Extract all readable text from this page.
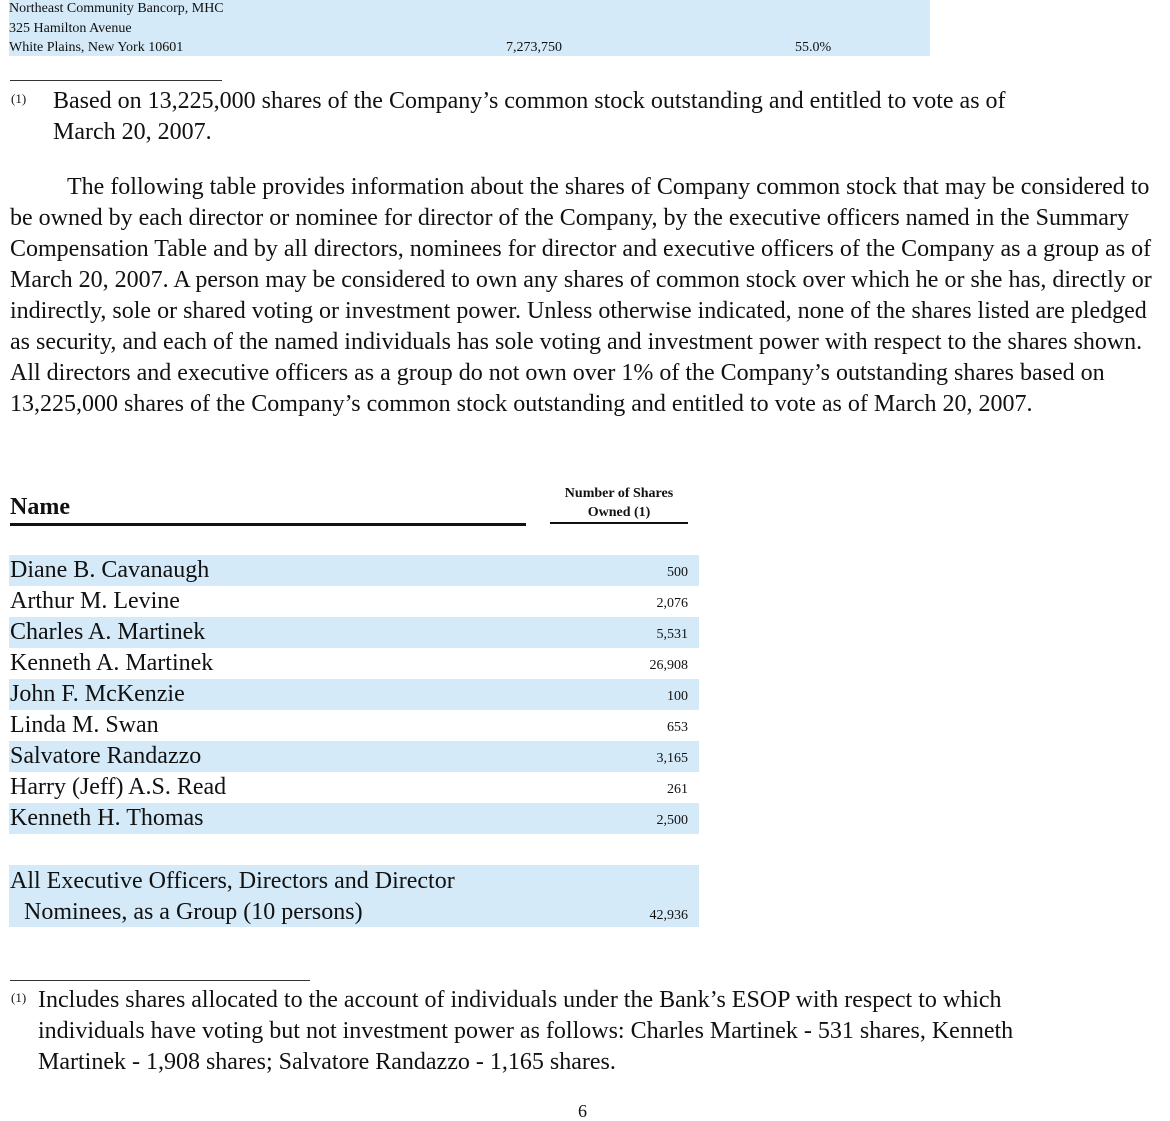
Northeast Community Bancorp, MHC
325 Hamilton Avenue
White Plains, New York 10601	7,273,750	55.0%
(1) Based on 13,225,000 shares of the Company’s common stock outstanding and entitled to vote as of
March 20, 2007.
The following table provides information about the shares of Company common stock that may be considered to be owned by each director or nominee for director of the Company, by the executive officers named in the Summary Compensation Table and by all directors, nominees for director and executive officers of the Company as a group as of March 20, 2007. A person may be considered to own any shares of common stock over which he or she has, directly or indirectly, sole or shared voting or investment power. Unless otherwise indicated, none of the shares listed are pledged as security, and each of the named individuals has sole voting and investment power with respect to the shares shown. All directors and executive officers as a group do not own over 1% of the Company’s outstanding shares based on 13,225,000 shares of the Company’s common stock outstanding and entitled to vote as of March 20, 2007.
Name
Number of Shares
Owned (1)
Diane B. Cavanaugh	500
Arthur M. Levine	2,076
Charles A. Martinek	5,531
Kenneth A. Martinek	26,908
John F. McKenzie	100
Linda M. Swan	653
Salvatore Randazzo	3,165
Harry (Jeff) A.S. Read	261
Kenneth H. Thomas	2,500
All Executive Officers, Directors and Director
Nominees, as a Group (10 persons)	42,936
(1) Includes shares allocated to the account of individuals under the Bank’s ESOP with respect to which
individuals have voting but not investment power as follows: Charles Martinek - 531 shares, Kenneth
Martinek - 1,908 shares; Salvatore Randazzo - 1,165 shares.
6
